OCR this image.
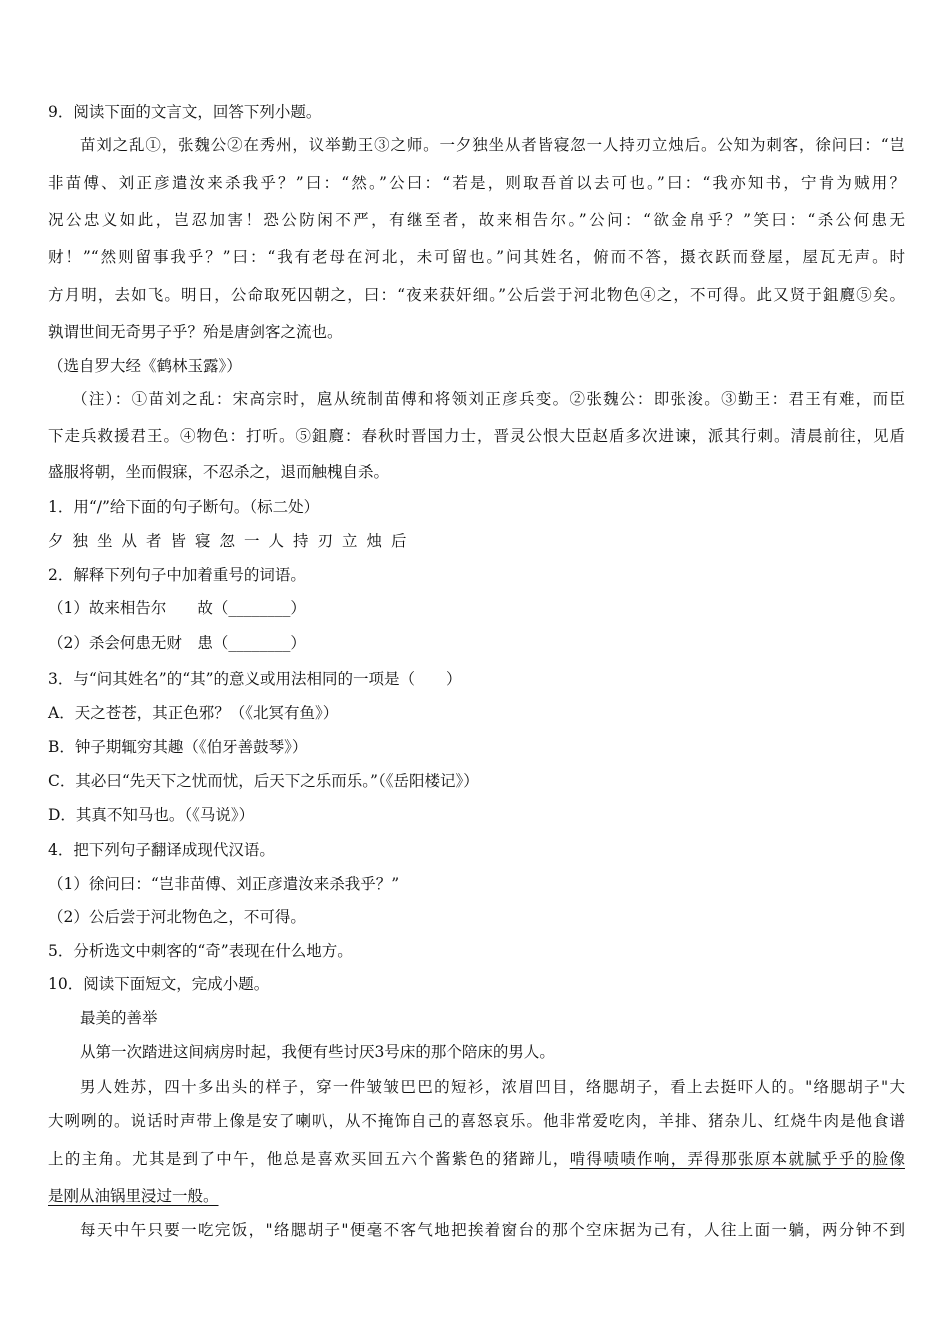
9．阅读下面的文言文，回答下列小题。
苗刘之乱①，张魏公②在秀州，议举勤王③之师。一夕独坐从者皆寝忽一人持刃立烛后。公知为刺客，徐问曰：“岂
非苗傅、刘正彦遣汝来杀我乎？”曰：“然。”公曰：“若是，则取吾首以去可也。”曰：“我亦知书，宁肯为贼用？
况公忠义如此，岂忍加害！恐公防闲不严，有继至者，故来相告尔。”公问：“欲金帛乎？”笑曰：“杀公何患无
财！”“然则留事我乎？”曰：“我有老母在河北，未可留也。”问其姓名，俯而不答，摄衣跃而登屋，屋瓦无声。时
方月明，去如飞。明日，公命取死囚朝之，曰：“夜来获奸细。”公后尝于河北物色④之，不可得。此又贤于鉏麑⑤矣。
孰谓世间无奇男子乎？殆是唐剑客之流也。
（选自罗大经《鹤林玉露》）
（注）：①苗刘之乱：宋高宗时，扈从统制苗傅和将领刘正彦兵变。②张魏公：即张浚。③勤王：君王有难，而臣
下走兵救援君王。④物色：打听。⑤鉏麑：春秋时晋国力士，晋灵公恨大臣赵盾多次进谏，派其行刺。清晨前往，见盾
盛服将朝，坐而假寐，不忍杀之，退而触槐自杀。
1．用“/”给下面的句子断句。（标二处）
夕独坐从者皆寝忽一人持刃立烛后
2．解释下列句子中加着重号的词语。
（1）故来相告尔　　故（________）
（2）杀会何患无财　患（________）
3．与“问其姓名”的“其”的意义或用法相同的一项是（　　）
A．天之苍苍，其正色邪？（《北冥有鱼》）
B．钟子期辄穷其趣（《伯牙善鼓琴》）
C．其必曰“先天下之忧而忧，后天下之乐而乐。”（《岳阳楼记》）
D．其真不知马也。（《马说》）
4．把下列句子翻译成现代汉语。
（1）徐问曰：“岂非苗傅、刘正彦遣汝来杀我乎？”
（2）公后尝于河北物色之，不可得。
5．分析选文中刺客的“奇”表现在什么地方。
10．阅读下面短文，完成小题。
最美的善举
从第一次踏进这间病房时起，我便有些讨厌3号床的那个陪床的男人。
男人姓苏，四十多出头的样子，穿一件皱皱巴巴的短衫，浓眉凹目，络腮胡子，看上去挺吓人的。"络腮胡子"大
大咧咧的。说话时声带上像是安了喇叭，从不掩饰自己的喜怒哀乐。他非常爱吃肉，羊排、猪杂儿、红烧牛肉是他食谱
上的主角。尤其是到了中午，他总是喜欢买回五六个酱紫色的猪蹄儿，啃得啧啧作响，弄得那张原本就腻乎乎的脸像
是刚从油锅里浸过一般。
每天中午只要一吃完饭，"络腮胡子"便毫不客气地把挨着窗台的那个空床据为己有，人往上面一躺，两分钟不到
